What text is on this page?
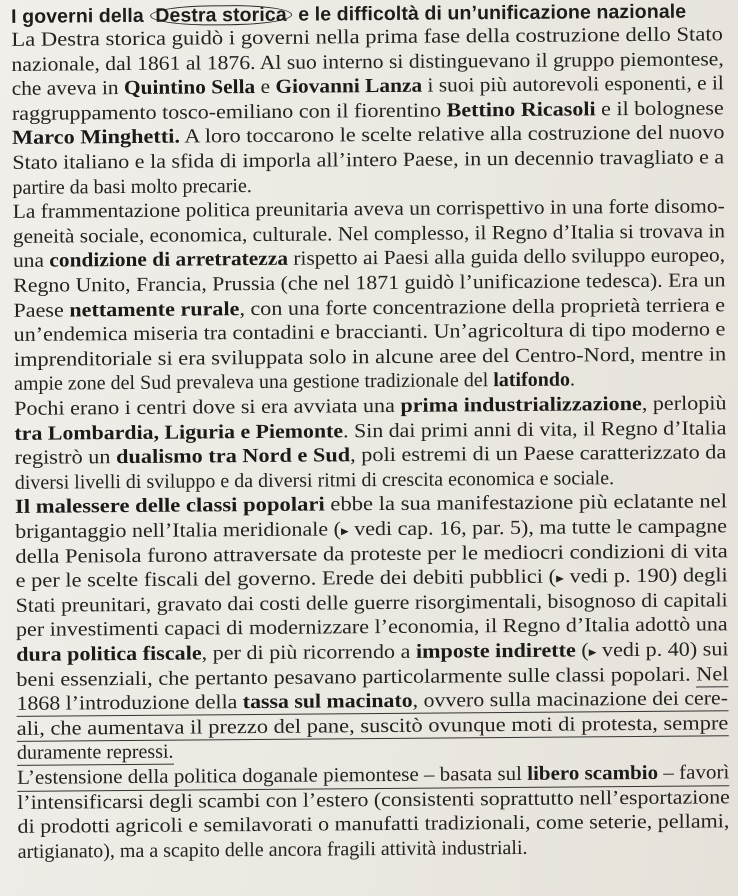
I governi della Destra storica e le difficoltà di un’unificazione nazionale
La Destra storica guidò i governi nella prima fase della costruzione dello Stato
nazionale, dal 1861 al 1876. Al suo interno si distinguevano il gruppo piemontese,
che aveva in Quintino Sella e Giovanni Lanza i suoi più autorevoli esponenti, e il
raggruppamento tosco-emiliano con il fiorentino Bettino Ricasoli e il bolognese
Marco Minghetti. A loro toccarono le scelte relative alla costruzione del nuovo
Stato italiano e la sfida di imporla all’intero Paese, in un decennio travagliato e a
partire da basi molto precarie.
La frammentazione politica preunitaria aveva un corrispettivo in una forte disomo-
geneità sociale, economica, culturale. Nel complesso, il Regno d’Italia si trovava in
una condizione di arretratezza rispetto ai Paesi alla guida dello sviluppo europeo,
Regno Unito, Francia, Prussia (che nel 1871 guidò l’unificazione tedesca). Era un
Paese nettamente rurale, con una forte concentrazione della proprietà terriera e
un’endemica miseria tra contadini e braccianti. Un’agricoltura di tipo moderno e
imprenditoriale si era sviluppata solo in alcune aree del Centro-Nord, mentre in
ampie zone del Sud prevaleva una gestione tradizionale del latifondo.
Pochi erano i centri dove si era avviata una prima industrializzazione, perlopiù
tra Lombardia, Liguria e Piemonte. Sin dai primi anni di vita, il Regno d’Italia
registrò un dualismo tra Nord e Sud, poli estremi di un Paese caratterizzato da
diversi livelli di sviluppo e da diversi ritmi di crescita economica e sociale.
Il malessere delle classi popolari ebbe la sua manifestazione più eclatante nel
brigantaggio nell’Italia meridionale (▸ vedi cap. 16, par. 5), ma tutte le campagne
della Penisola furono attraversate da proteste per le mediocri condizioni di vita
e per le scelte fiscali del governo. Erede dei debiti pubblici (▸ vedi p. 190) degli
Stati preunitari, gravato dai costi delle guerre risorgimentali, bisognoso di capitali
per investimenti capaci di modernizzare l’economia, il Regno d’Italia adottò una
dura politica fiscale, per di più ricorrendo a imposte indirette (▸ vedi p. 40) sui
beni essenziali, che pertanto pesavano particolarmente sulle classi popolari. Nel
1868 l’introduzione della tassa sul macinato, ovvero sulla macinazione dei cere-
ali, che aumentava il prezzo del pane, suscitò ovunque moti di protesta, sempre
duramente repressi.
L’estensione della politica doganale piemontese – basata sul libero scambio – favorì
l’intensificarsi degli scambi con l’estero (consistenti soprattutto nell’esportazione
di prodotti agricoli e semilavorati o manufatti tradizionali, come seterie, pellami,
artigianato), ma a scapito delle ancora fragili attività industriali.
